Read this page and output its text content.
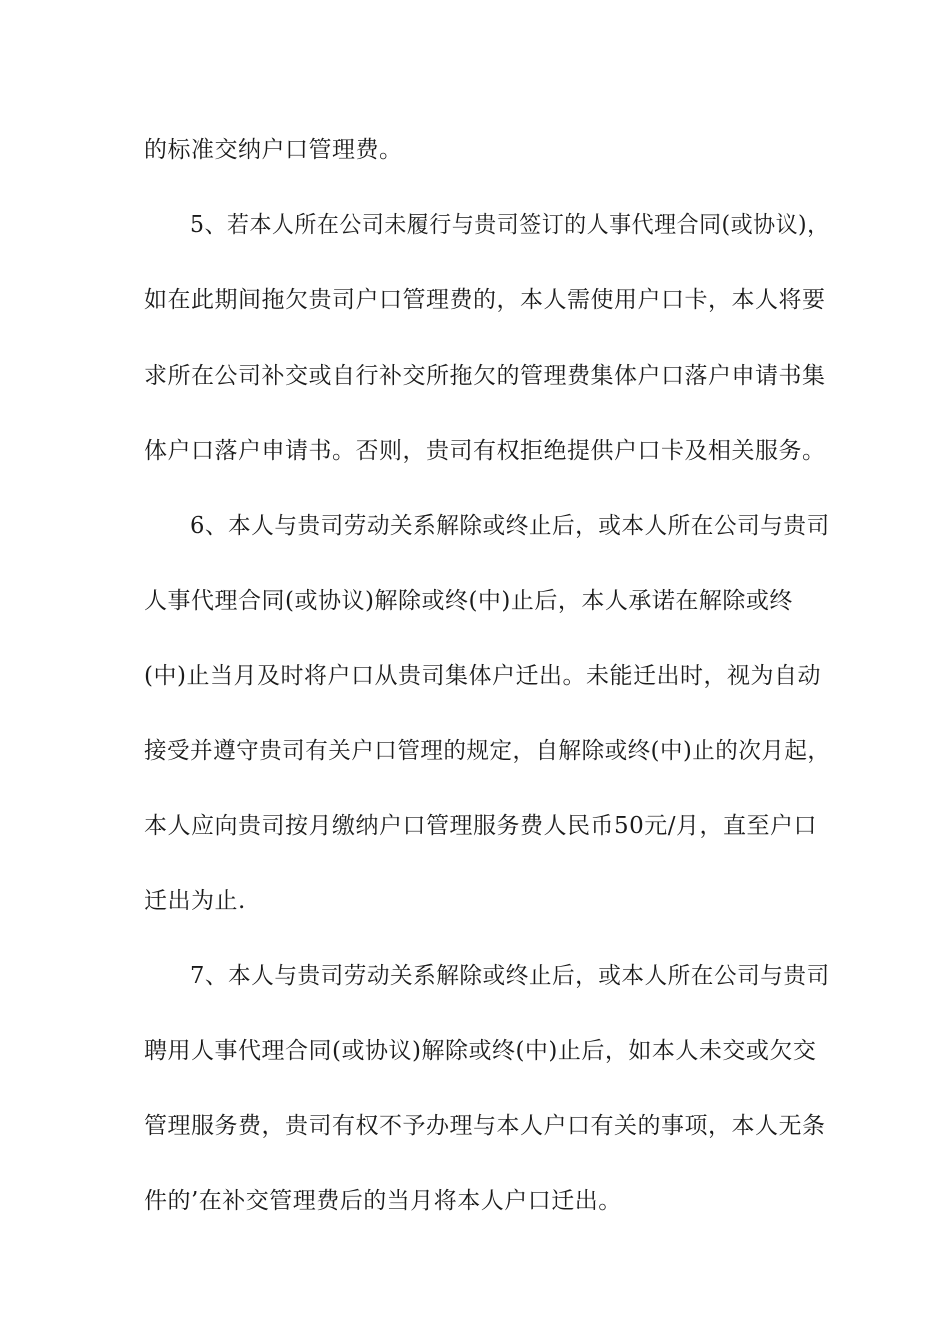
的标准交纳户口管理费。
5、若本人所在公司未履行与贵司签订的人事代理合同(或协议)，
如在此期间拖欠贵司户口管理费的，本人需使用户口卡，本人将要
求所在公司补交或自行补交所拖欠的管理费集体户口落户申请书集
体户口落户申请书。否则，贵司有权拒绝提供户口卡及相关服务。
6、本人与贵司劳动关系解除或终止后，或本人所在公司与贵司
人事代理合同(或协议)解除或终(中)止后，本人承诺在解除或终
(中)止当月及时将户口从贵司集体户迁出。未能迁出时，视为自动
接受并遵守贵司有关户口管理的规定，自解除或终(中)止的次月起，
本人应向贵司按月缴纳户口管理服务费人民币50元/月，直至户口
迁出为止.
7、本人与贵司劳动关系解除或终止后，或本人所在公司与贵司
聘用人事代理合同(或协议)解除或终(中)止后，如本人未交或欠交
管理服务费，贵司有权不予办理与本人户口有关的事项，本人无条
件的’在补交管理费后的当月将本人户口迁出。
